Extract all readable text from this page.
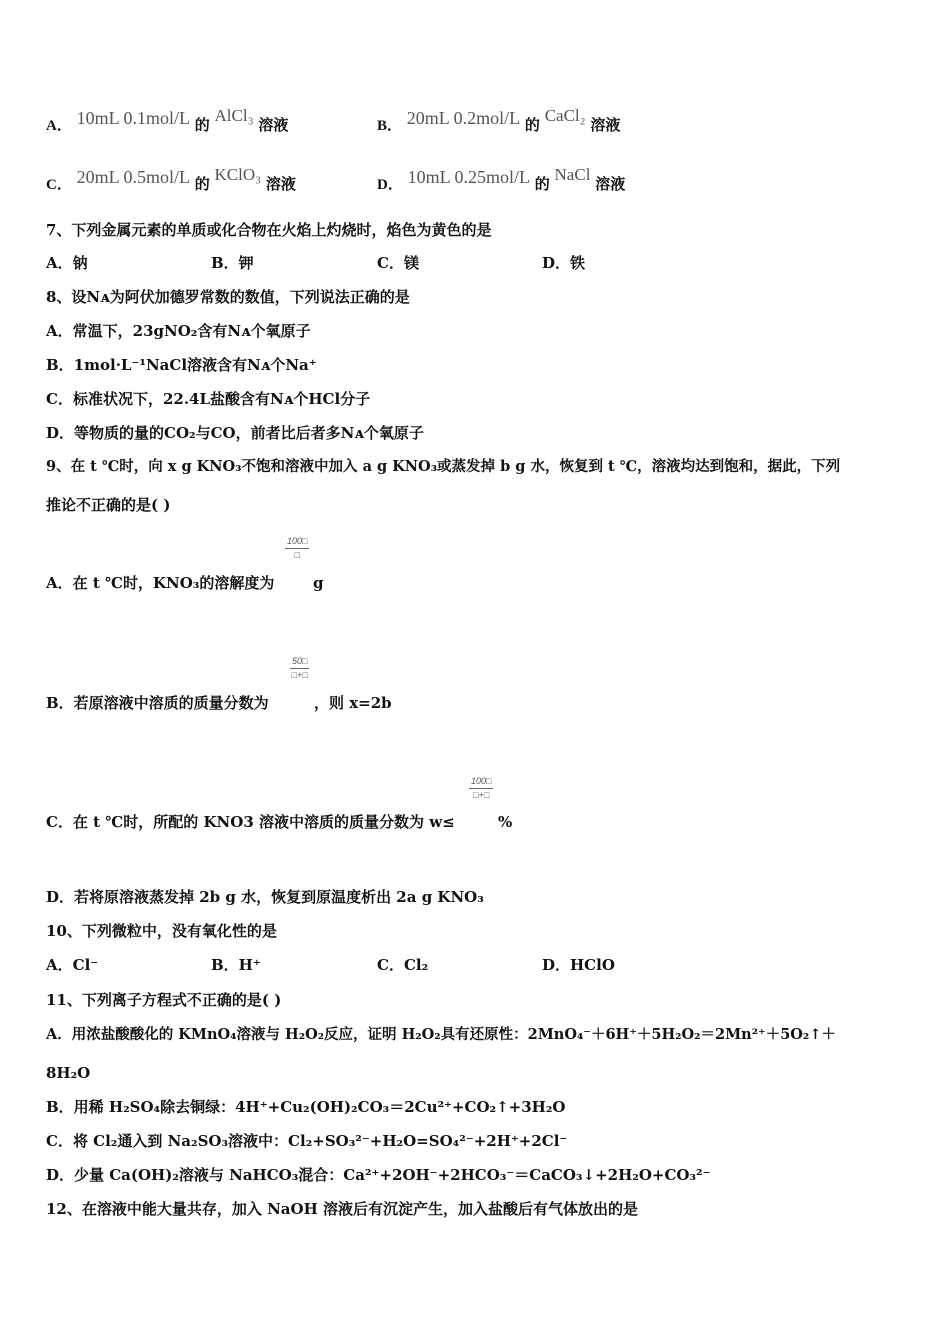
A． 10mL 0.1mol/L 的 AlCl₃ 溶液	B． 20mL 0.2mol/L 的 CaCl₂ 溶液
C． 20mL 0.5mol/L 的 KClO₃ 溶液	D． 10mL 0.25mol/L 的 NaCl 溶液
7、下列金属元素的单质或化合物在火焰上灼烧时，焰色为黄色的是
A．钠	B．钾	C．镁	D．铁
8、设Nᴀ为阿伏加德罗常数的数值，下列说法正确的是
A．常温下，23gNO₂含有Nᴀ个氧原子
B．1mol·L⁻¹NaCl溶液含有Nᴀ个Na⁺
C．标准状况下，22.4L盐酸含有Nᴀ个HCl分子
D．等物质的量的CO₂与CO，前者比后者多Nᴀ个氧原子
9、在 t ℃时，向 x g KNO₃不饱和溶液中加入 a g KNO₃或蒸发掉 b g 水，恢复到 t ℃，溶液均达到饱和，据此，下列
推论不正确的是( )
100□
□
A．在 t ℃时，KNO₃的溶解度为	g
50□
□+□
B．若原溶液中溶质的质量分数为	，则 x=2b
100□
□+□
C．在 t ℃时，所配的 KNO3 溶液中溶质的质量分数为 w≤	%
D．若将原溶液蒸发掉 2b g 水，恢复到原温度析出 2a g KNO₃
10、下列微粒中，没有氧化性的是
A．Cl⁻	B．H⁺	C．Cl₂	D．HClO
11、下列离子方程式不正确的是( )
A．用浓盐酸酸化的 KMnO₄溶液与 H₂O₂反应，证明 H₂O₂具有还原性：2MnO₄⁻＋6H⁺＋5H₂O₂＝2Mn²⁺＋5O₂↑＋
8H₂O
B．用稀 H₂SO₄除去铜绿：4H⁺+Cu₂(OH)₂CO₃＝2Cu²⁺+CO₂↑+3H₂O
C．将 Cl₂通入到 Na₂SO₃溶液中：Cl₂+SO₃²⁻+H₂O=SO₄²⁻+2H⁺+2Cl⁻
D．少量 Ca(OH)₂溶液与 NaHCO₃混合：Ca²⁺+2OH⁻+2HCO₃⁻＝CaCO₃↓+2H₂O+CO₃²⁻
12、在溶液中能大量共存，加入 NaOH 溶液后有沉淀产生，加入盐酸后有气体放出的是
